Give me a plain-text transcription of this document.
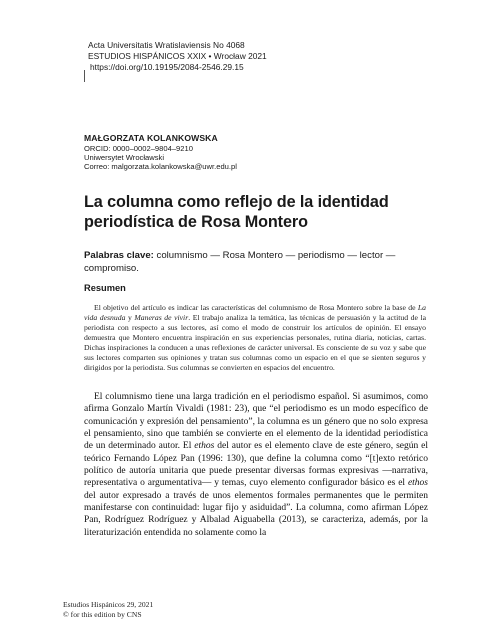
Acta Universitatis Wratislaviensis No 4068
ESTUDIOS HISPÁNICOS XXIX • Wrocław 2021
https://doi.org/10.19195/2084-2546.29.15
MAŁGORZATA KOLANKOWSKA
ORCID: 0000–0002–9804–9210
Uniwersytet Wrocławski
Correo: malgorzata.kolankowska@uwr.edu.pl
La columna como reflejo de la identidad periodística de Rosa Montero

Palabras clave: columnismo — Rosa Montero — periodismo — lector — compromiso.

Resumen

El objetivo del artículo es indicar las características del columnismo de Rosa Montero sobre la base de La vida desnuda y Maneras de vivir. El trabajo analiza la temática, las técnicas de persuasión y la actitud de la periodista con respecto a sus lectores, así como el modo de construir los artículos de opinión. El ensayo demuestra que Montero encuentra inspiración en sus experiencias personales, rutina diaria, noticias, cartas. Dichas inspiraciones la conducen a unas reflexiones de carácter universal. Es consciente de su voz y sabe que sus lectores comparten sus opiniones y tratan sus columnas como un espacio en el que se sienten seguros y dirigidos por la periodista. Sus columnas se convierten en espacios del encuentro.

El columnismo tiene una larga tradición en el periodismo español. Si asumimos, como afirma Gonzalo Martín Vivaldi (1981: 23), que “el periodismo es un modo específico de comunicación y expresión del pensamiento”, la columna es un género que no solo expresa el pensamiento, sino que también se convierte en el elemento de la identidad periodística de un determinado autor. El ethos del autor es el elemento clave de este género, según el teórico Fernando López Pan (1996: 130), que define la columna como “[t]exto retórico político de autoría unitaria que puede presentar diversas formas expresivas —narrativa, representativa o argumentativa— y temas, cuyo elemento configurador básico es el ethos del autor expresado a través de unos elementos formales permanentes que le permiten manifestarse con continuidad: lugar fijo y asiduidad”. La columna, como afirman López Pan, Rodríguez Rodríguez y Albalad Aiguabella (2013), se caracteriza, además, por la literaturización entendida no solamente como la

Estudios Hispánicos 29, 2021
© for this edition by CNS
